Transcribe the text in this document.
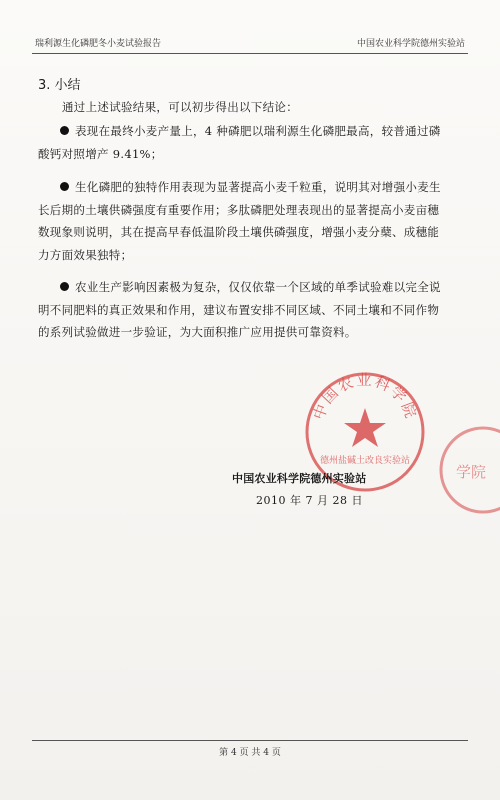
瑞利源生化磷肥冬小麦试验报告	中国农业科学院德州实验站
3. 小结
通过上述试验结果，可以初步得出以下结论：
表现在最终小麦产量上，4 种磷肥以瑞利源生化磷肥最高，较普通过磷酸钙对照增产 9.41%；
生化磷肥的独特作用表现为显著提高小麦千粒重，说明其对增强小麦生长后期的土壤供磷强度有重要作用；多肽磷肥处理表现出的显著提高小麦亩穗数现象则说明，其在提高早春低温阶段土壤供磷强度，增强小麦分蘖、成穗能力方面效果独特；
农业生产影响因素极为复杂，仅仅依靠一个区域的单季试验难以完全说明不同肥料的真正效果和作用，建议布置安排不同区域、不同土壤和不同作物的系列试验做进一步验证，为大面积推广应用提供可靠资料。
中国农业科学院
德州盐碱土改良实验站
学院
中国农业科学院德州实验站
2010 年 7 月 28 日
第 4 页 共 4 页
